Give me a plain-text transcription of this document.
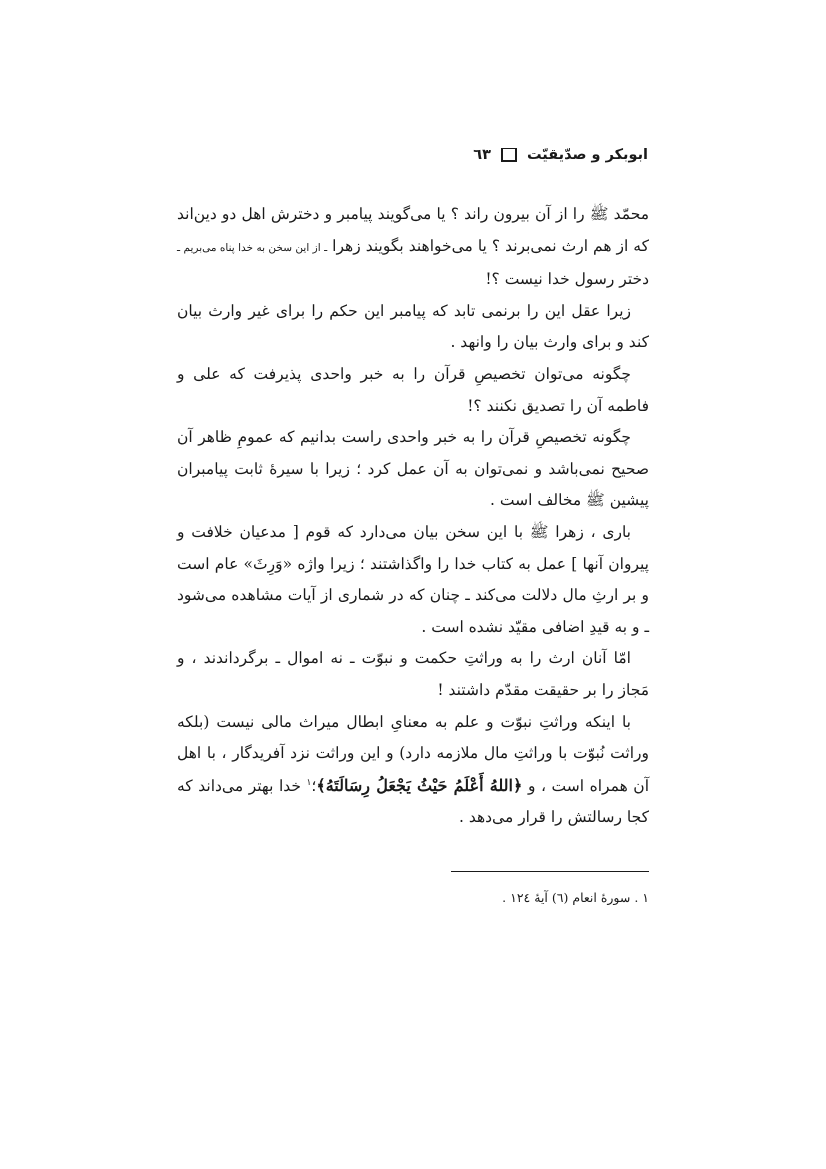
ابوبکر و صدّیقیّت
٦٣

محمّد ﷺ را از آن بیرون راند ؟ یا می‌گویند پیامبر و دخترش اهل دو دین‌اند که از هم ارث نمی‌برند ؟ یا می‌خواهند بگویند زهرا ـ از این سخن به خدا پناه می‌بریم ـ دختر رسول خدا نیست ؟!

زیرا عقل این را برنمی تابد که پیامبر این حکم را برای غیر وارث بیان کند و برای وارث بیان را وانهد .

چگونه می‌توان تخصیصِ قرآن را به خبر واحدی پذیرفت که علی و فاطمه آن را تصدیق نکنند ؟!

چگونه تخصیصِ قرآن را به خبر واحدی راست بدانیم که عمومِ ظاهر آن صحیح نمی‌باشد و نمی‌توان به آن عمل کرد ؛ زیرا با سیرهٔ ثابت پیامبران پیشین ﷺ مخالف است .

باری ، زهرا ﷺ با این سخن بیان می‌دارد که قوم [ مدعیان خلافت و پیروان آنها ] عمل به کتاب خدا را واگذاشتند ؛ زیرا واژه «وَرِثَ» عام است و بر ارثِ مال دلالت می‌کند ـ چنان که در شماری از آیات مشاهده می‌شود ـ و به قیدِ اضافی مقیّد نشده است .

امّا آنان ارث را به وراثتِ حکمت و نبوّت ـ نه اموال ـ برگرداندند ، و مَجاز را بر حقیقت مقدّم داشتند !

با اینکه وراثتِ نبوّت و علم به معنایِ ابطال میراث مالی نیست (بلکه وراثت نُبوّت با وراثتِ مال ملازمه دارد) و این وراثت نزد آفریدگار ، با اهل آن همراه است ، و ﴿اللهُ أَعْلَمُ حَيْثُ يَجْعَلُ رِسَالَتَهُ﴾؛$^١$ خدا بهتر می‌داند که کجا رسالتش را قرار می‌دهد .

١ . سورهٔ انعام (٦) آیهٔ ١٢٤ .
